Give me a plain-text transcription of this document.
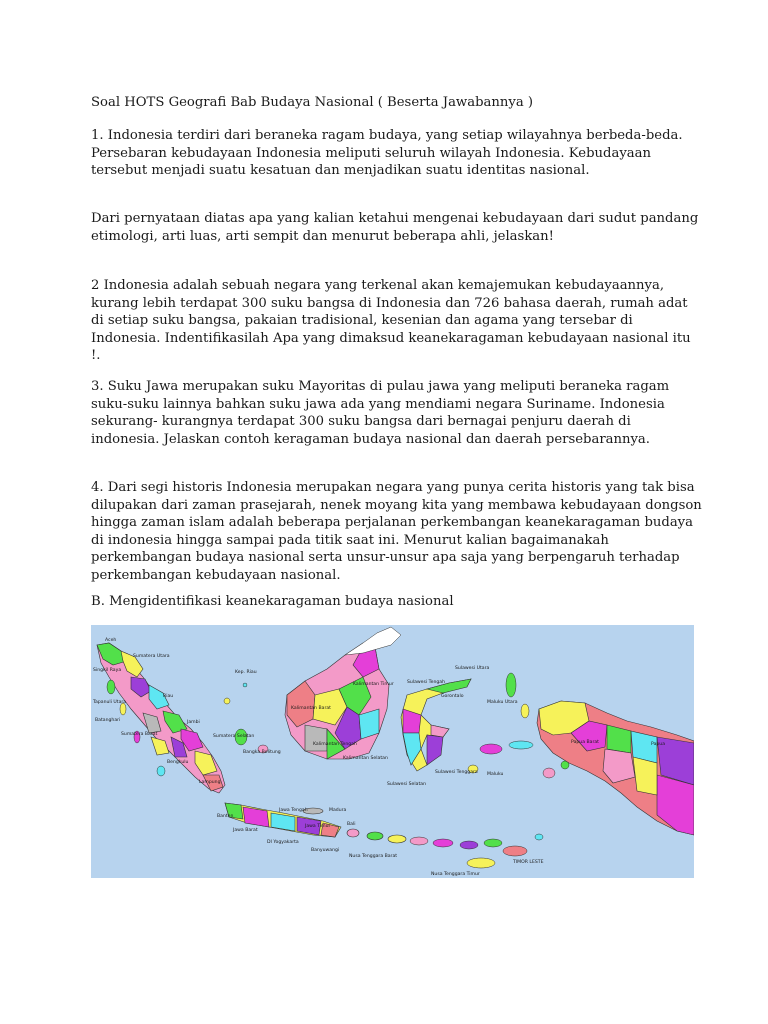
Soal HOTS Geografi Bab Budaya Nasional ( Beserta Jawabannya )
1. Indonesia terdiri dari beraneka ragam budaya, yang setiap wilayahnya berbeda-beda. Persebaran kebudayaan Indonesia meliputi seluruh wilayah Indonesia. Kebudayaan tersebut menjadi suatu kesatuan dan menjadikan suatu identitas nasional.
Dari pernyataan diatas apa yang kalian ketahui mengenai kebudayaan dari sudut pandang etimologi, arti luas, arti sempit dan menurut beberapa ahli, jelaskan!
2 Indonesia adalah sebuah negara yang terkenal akan kemajemukan kebudayaannya, kurang lebih terdapat 300 suku bangsa di Indonesia dan 726 bahasa daerah, rumah adat di setiap suku bangsa, pakaian tradisional, kesenian dan agama yang tersebar di Indonesia. Indentifikasilah Apa yang dimaksud keanekaragaman kebudayaan nasional itu !.
3. Suku Jawa merupakan suku Mayoritas di pulau jawa yang meliputi beraneka ragam suku-suku lainnya bahkan suku jawa ada yang mendiami negara Suriname. Indonesia sekurang- kurangnya terdapat 300 suku bangsa dari bernagai penjuru daerah di indonesia. Jelaskan contoh keragaman budaya nasional dan daerah persebarannya.
4. Dari segi historis Indonesia merupakan negara yang punya cerita historis yang tak bisa dilupakan dari zaman prasejarah, nenek moyang kita yang membawa kebudayaan dongson hingga zaman islam adalah beberapa perjalanan perkembangan keanekaragaman budaya di indonesia hingga sampai pada titik saat ini. Menurut kalian bagaimanakah perkembangan budaya nasional serta unsur-unsur apa saja yang berpengaruh terhadap perkembangan kebudayaan nasional.
B. Mengidentifikasi keanekaragaman budaya nasional
Aceh
Sumatera Utara
Singkil Raya
Tapanuli Utara
Batanghari
Riau
Jambi
Sumatera Barat
Bengkulu
Sumatera Selatan
Lampung
Banten
Jawa Barat
Jawa Tengah
Jawa Timur
DI Yogyakarta
Bali
Kep. Riau
Kalimantan Barat
Kalimantan Tengah
Kalimantan Selatan
Kalimantan Timur
Sulawesi Utara
Sulawesi Tengah
Sulawesi Selatan
Sulawesi Tenggara
Gorontalo
Maluku Utara
Maluku
Papua Barat	Papua
Nusa Tenggara Barat
Nusa Tenggara Timur
TIMOR LESTE
Banyuwangi
Madura
Bangka Belitung
